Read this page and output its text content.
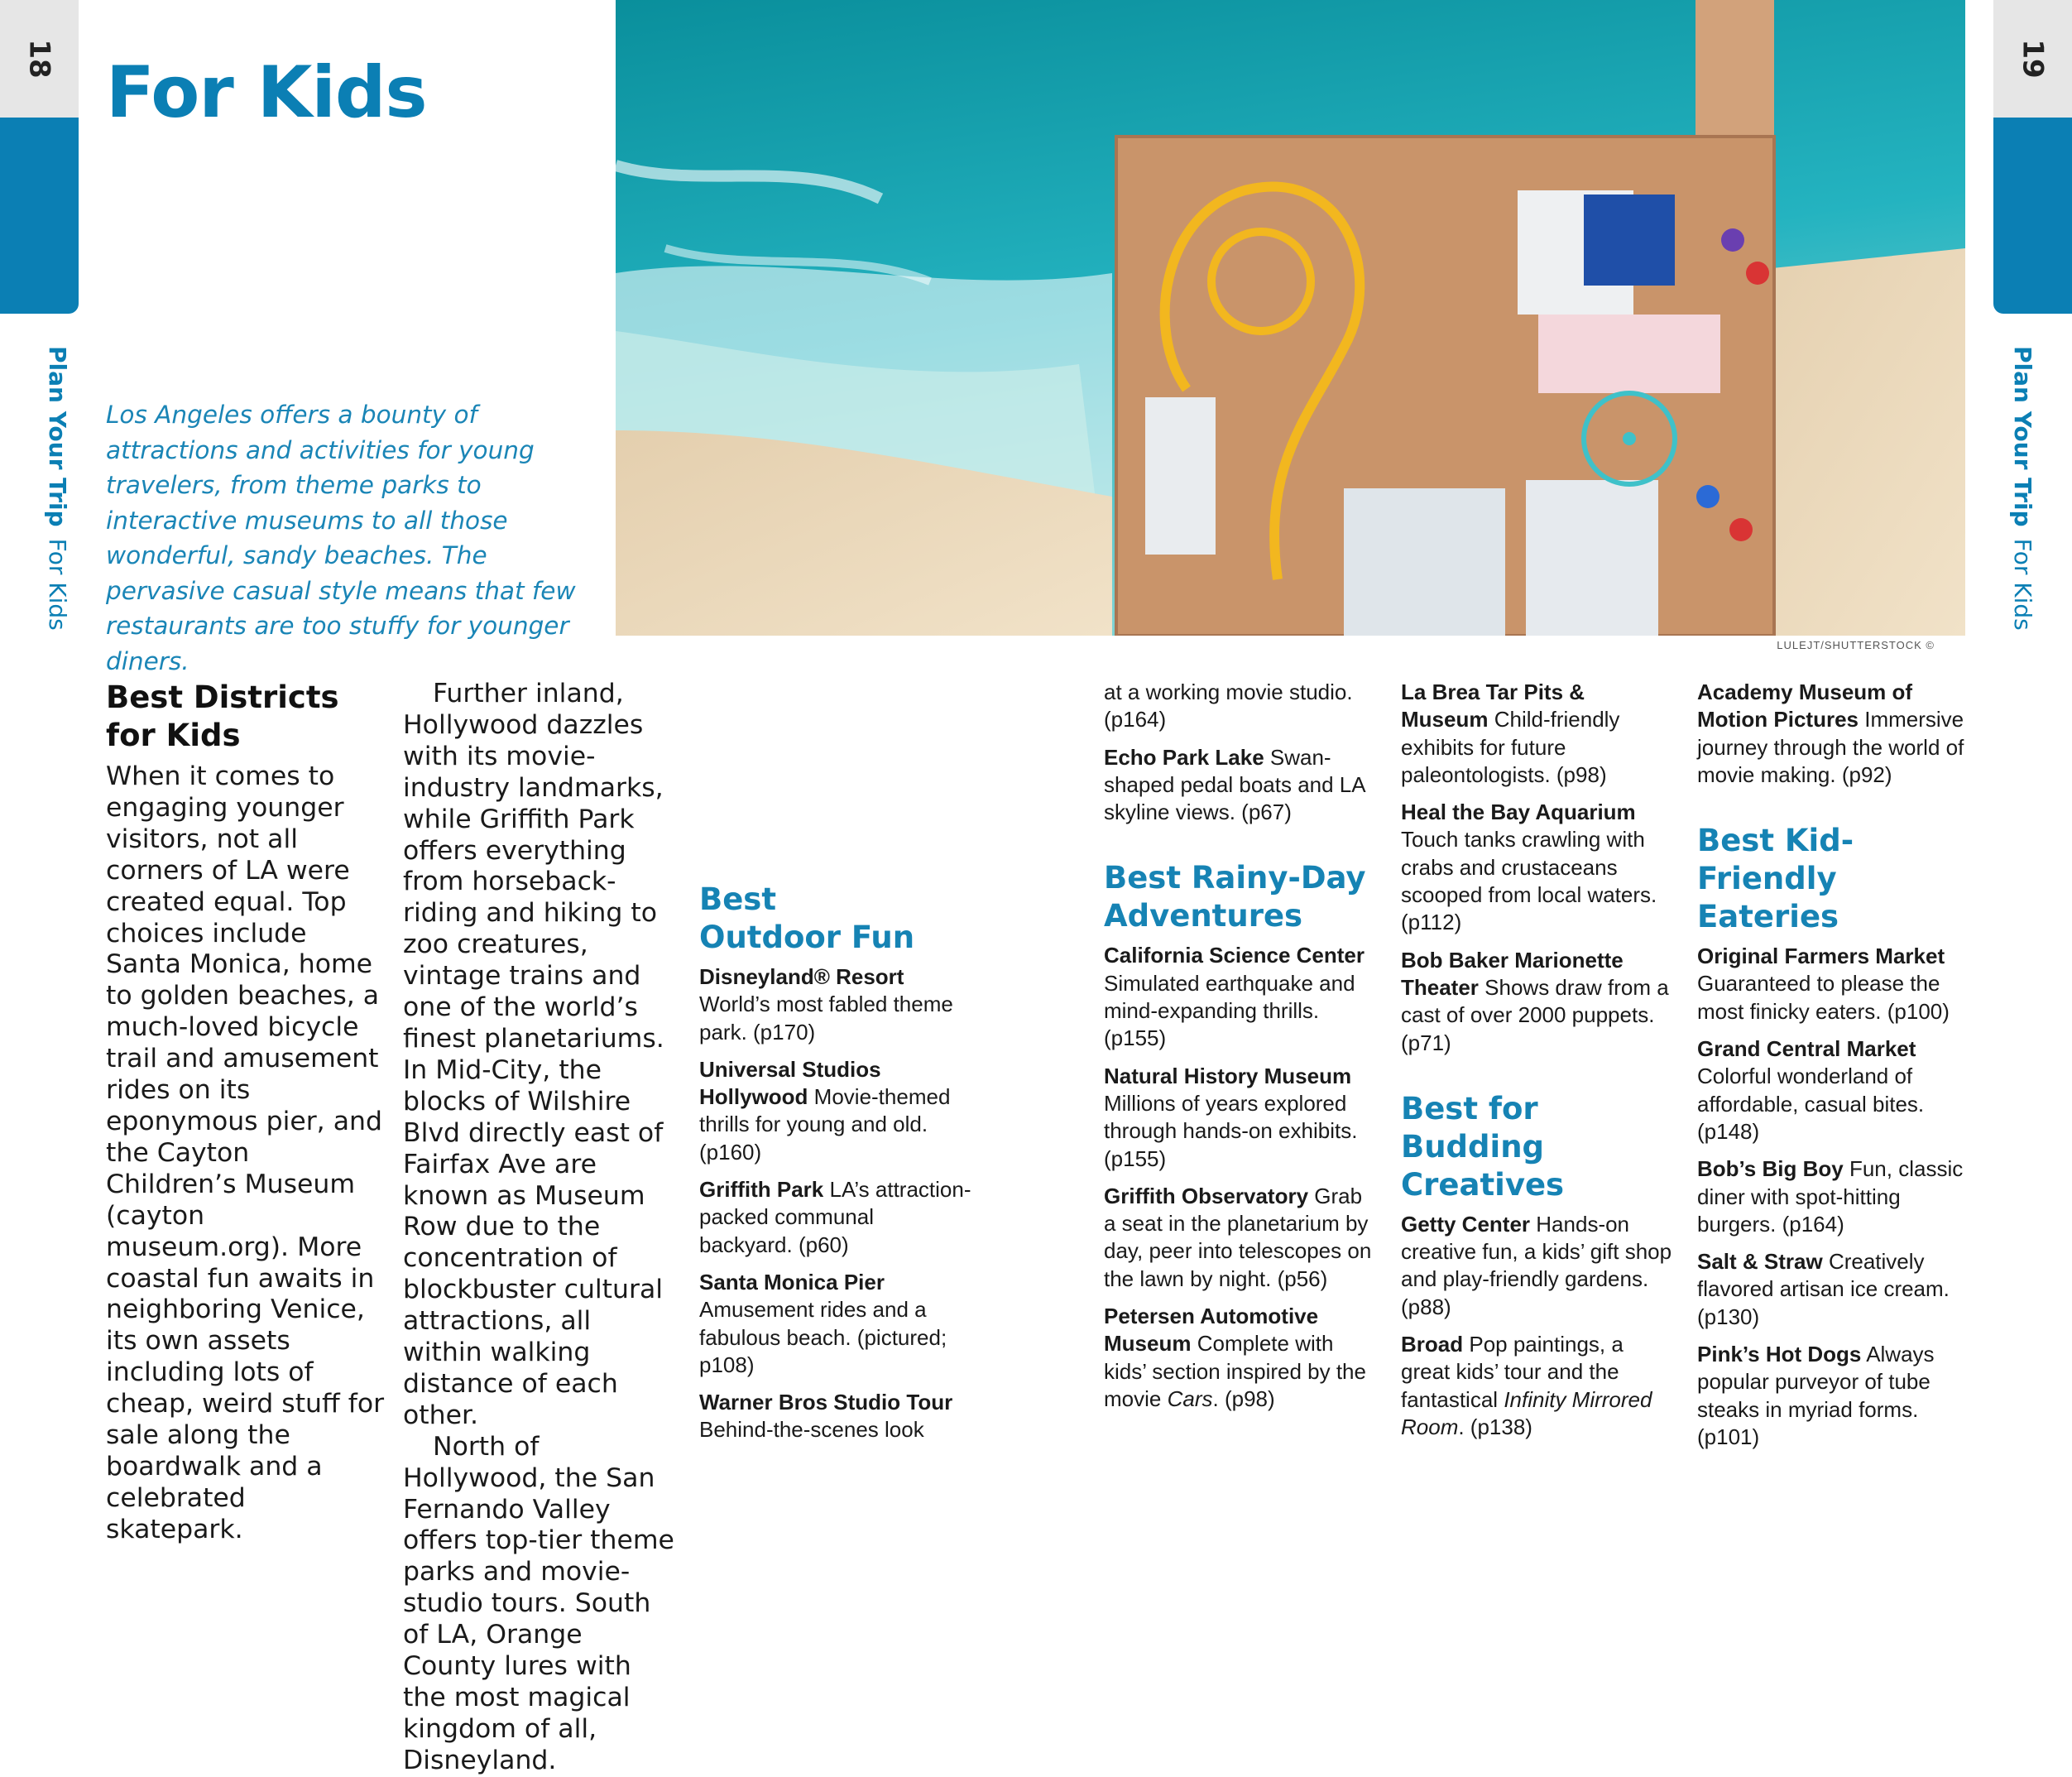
18
Plan Your Trip
For Kids
19
Plan Your Trip
For Kids
For Kids

Los Angeles offers a bounty of attractions and activities for young travelers, from theme parks to interactive museums to all those wonderful, sandy beaches. The pervasive casual style means that few restaurants are too stuffy for younger diners.

LULEJT/SHUTTERSTOCK ©
Best Districts for Kids

When it comes to engaging younger visitors, not all corners of LA were created equal. Top choices include Santa Monica, home to golden beaches, a much-loved bicycle trail and amusement rides on its eponymous pier, and the Cayton Children’s Museum (cayton museum.org). More coastal fun awaits in neighboring Venice, its own assets including lots of cheap, weird stuff for sale along the boardwalk and a celebrated skatepark.

Further inland, Hollywood dazzles with its movie-industry landmarks, while Griffith Park offers everything from horseback-riding and hiking to zoo creatures, vintage trains and one of the world’s finest planetariums. In Mid-City, the blocks of Wilshire Blvd directly east of Fairfax Ave are known as Museum Row due to the concentration of blockbuster cultural attractions, all within walking distance of each other.

North of Hollywood, the San Fernando Valley offers top-tier theme parks and movie-studio tours. South of LA, Orange County lures with the most magical kingdom of all, Disneyland.

Best
Outdoor Fun

Disneyland® Resort World’s most fabled theme park. (p170)

Universal Studios Hollywood Movie-themed thrills for young and old. (p160)

Griffith Park LA’s attraction-packed communal backyard. (p60)

Santa Monica Pier Amusement rides and a fabulous beach. (pictured; p108)

Warner Bros Studio Tour Behind-the-scenes look

at a working movie studio. (p164)

Echo Park Lake Swan-shaped pedal boats and LA skyline views. (p67)

Best Rainy-Day
Adventures

California Science Center Simulated earthquake and mind-expanding thrills. (p155)

Natural History Museum Millions of years explored through hands-on exhibits. (p155)

Griffith Observatory Grab a seat in the planetarium by day, peer into telescopes on the lawn by night. (p56)

Petersen Automotive Museum Complete with kids’ section inspired by the movie Cars. (p98)

La Brea Tar Pits & Museum Child-friendly exhibits for future paleontologists. (p98)

Heal the Bay Aquarium Touch tanks crawling with crabs and crustaceans scooped from local waters. (p112)

Bob Baker Marionette Theater Shows draw from a cast of over 2000 puppets. (p71)

Best for Budding
Creatives

Getty Center Hands-on creative fun, a kids’ gift shop and play-friendly gardens. (p88)

Broad Pop paintings, a great kids’ tour and the fantastical Infinity Mirrored Room. (p138)

Academy Museum of Motion Pictures Immersive journey through the world of movie making. (p92)

Best Kid-
Friendly Eateries

Original Farmers Market Guaranteed to please the most finicky eaters. (p100)

Grand Central Market Colorful wonderland of affordable, casual bites. (p148)

Bob’s Big Boy Fun, classic diner with spot-hitting burgers. (p164)

Salt & Straw Creatively flavored artisan ice cream. (p130)

Pink’s Hot Dogs Always popular purveyor of tube steaks in myriad forms. (p101)
